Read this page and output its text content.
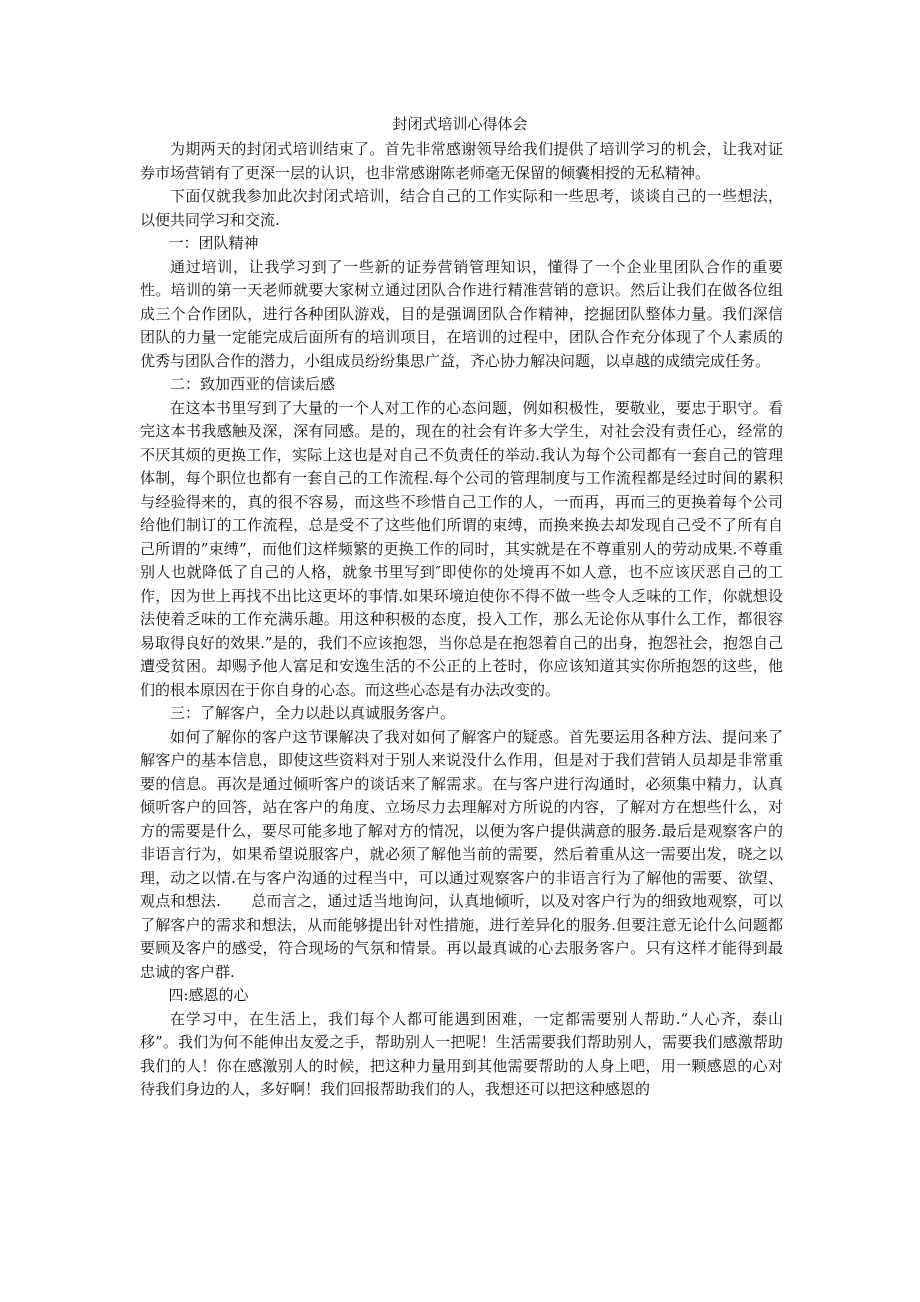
封闭式培训心得体会

为期两天的封闭式培训结束了。首先非常感谢领导给我们提供了培训学习的机会，让我对证券市场营销有了更深一层的认识，也非常感谢陈老师毫无保留的倾囊相授的无私精神。

下面仅就我参加此次封闭式培训，结合自己的工作实际和一些思考，谈谈自己的一些想法，以便共同学习和交流.

一：团队精神

通过培训，让我学习到了一些新的证券营销管理知识，懂得了一个企业里团队合作的重要性。培训的第一天老师就要大家树立通过团队合作进行精准营销的意识。然后让我们在做各位组成三个合作团队，进行各种团队游戏，目的是强调团队合作精神，挖掘团队整体力量。我们深信团队的力量一定能完成后面所有的培训项目，在培训的过程中，团队合作充分体现了个人素质的优秀与团队合作的潜力，小组成员纷纷集思广益，齐心协力解决问题，以卓越的成绩完成任务。

二：致加西亚的信读后感

在这本书里写到了大量的一个人对工作的心态问题，例如积极性，要敬业，要忠于职守。看完这本书我感触及深，深有同感。是的，现在的社会有许多大学生，对社会没有责任心，经常的不厌其烦的更换工作，实际上这也是对自己不负责任的举动.我认为每个公司都有一套自己的管理体制，每个职位也都有一套自己的工作流程.每个公司的管理制度与工作流程都是经过时间的累积与经验得来的，真的很不容易，而这些不珍惜自己工作的人，一而再，再而三的更换着每个公司给他们制订的工作流程，总是受不了这些他们所谓的束缚，而换来换去却发现自己受不了所有自己所谓的”束缚”，而他们这样频繁的更换工作的同时，其实就是在不尊重别人的劳动成果.不尊重别人也就降低了自己的人格，就象书里写到″即使你的处境再不如人意，也不应该厌恶自己的工作，因为世上再找不出比这更坏的事情.如果环境迫使你不得不做一些令人乏味的工作，你就想设法使着乏味的工作充满乐趣。用这种积极的态度，投入工作，那么无论你从事什么工作，都很容易取得良好的效果.”是的，我们不应该抱怨，当你总是在抱怨着自己的出身，抱怨社会，抱怨自己遭受贫困。却赐予他人富足和安逸生活的不公正的上苍时，你应该知道其实你所抱怨的这些，他们的根本原因在于你自身的心态。而这些心态是有办法改变的。

三：了解客户，全力以赴以真诚服务客户。

如何了解你的客户这节课解决了我对如何了解客户的疑惑。首先要运用各种方法、提问来了解客户的基本信息，即使这些资料对于别人来说没什么作用，但是对于我们营销人员却是非常重要的信息。再次是通过倾听客户的谈话来了解需求。在与客户进行沟通时，必须集中精力，认真倾听客户的回答，站在客户的角度、立场尽力去理解对方所说的内容，了解对方在想些什么，对方的需要是什么，要尽可能多地了解对方的情况，以便为客户提供满意的服务.最后是观察客户的非语言行为，如果希望说服客户，就必须了解他当前的需要，然后着重从这一需要出发，晓之以理，动之以情.在与客户沟通的过程当中，可以通过观察客户的非语言行为了解他的需要、欲望、观点和想法.　　总而言之，通过适当地询问，认真地倾听，以及对客户行为的细致地观察，可以了解客户的需求和想法，从而能够提出针对性措施，进行差异化的服务.但要注意无论什么问题都要顾及客户的感受，符合现场的气氛和情景。再以最真诚的心去服务客户。只有这样才能得到最忠诚的客户群.

四:感恩的心

在学习中，在生活上，我们每个人都可能遇到困难，一定都需要别人帮助.“人心齐，泰山移”。我们为何不能伸出友爱之手，帮助别人一把呢！生活需要我们帮助别人，需要我们感激帮助我们的人！你在感激别人的时候，把这种力量用到其他需要帮助的人身上吧，用一颗感恩的心对待我们身边的人，多好啊！我们回报帮助我们的人，我想还可以把这种感恩的
